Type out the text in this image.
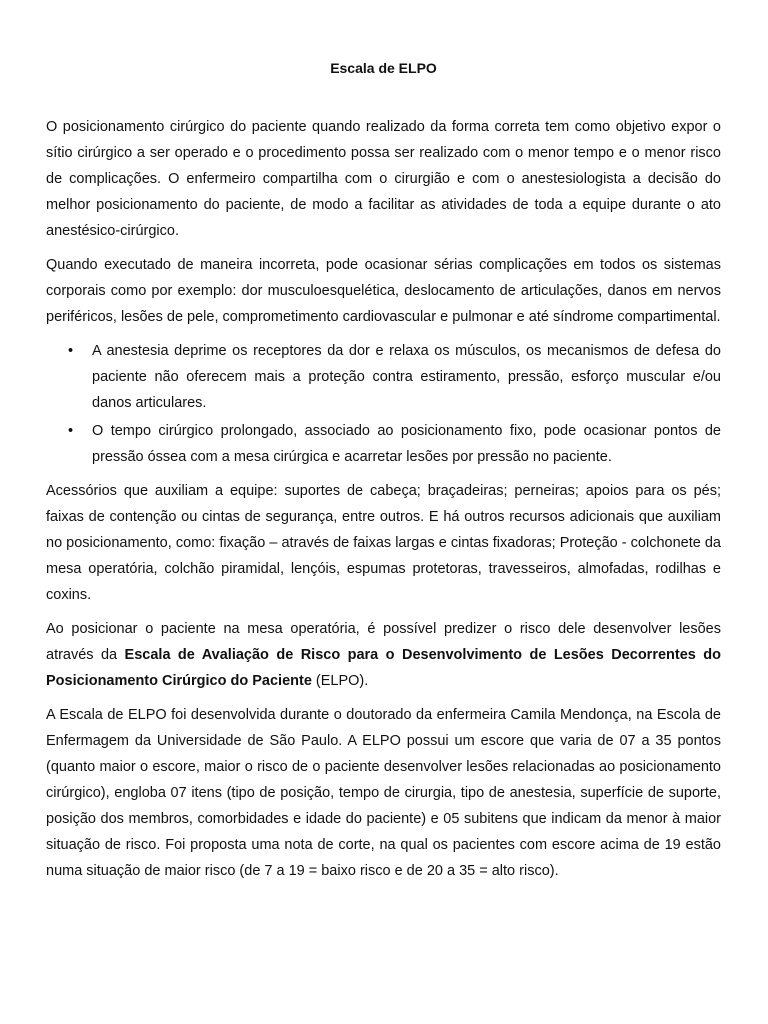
Escala de ELPO

O posicionamento cirúrgico do paciente quando realizado da forma correta tem como objetivo expor o sítio cirúrgico a ser operado e o procedimento possa ser realizado com o menor tempo e o menor risco de complicações. O enfermeiro compartilha com o cirurgião e com o anestesiologista a decisão do melhor posicionamento do paciente, de modo a facilitar as atividades de toda a equipe durante o ato anestésico-cirúrgico.

Quando executado de maneira incorreta, pode ocasionar sérias complicações em todos os sistemas corporais como por exemplo: dor musculoesquelética, deslocamento de articulações, danos em nervos periféricos, lesões de pele, comprometimento cardiovascular e pulmonar e até síndrome compartimental.

• A anestesia deprime os receptores da dor e relaxa os músculos, os mecanismos de defesa do paciente não oferecem mais a proteção contra estiramento, pressão, esforço muscular e/ou danos articulares.
• O tempo cirúrgico prolongado, associado ao posicionamento fixo, pode ocasionar pontos de pressão óssea com a mesa cirúrgica e acarretar lesões por pressão no paciente.

Acessórios que auxiliam a equipe: suportes de cabeça; braçadeiras; perneiras; apoios para os pés; faixas de contenção ou cintas de segurança, entre outros. E há outros recursos adicionais que auxiliam no posicionamento, como: fixação – através de faixas largas e cintas fixadoras; Proteção - colchonete da mesa operatória, colchão piramidal, lençóis, espumas protetoras, travesseiros, almofadas, rodilhas e coxins.

Ao posicionar o paciente na mesa operatória, é possível predizer o risco dele desenvolver lesões através da Escala de Avaliação de Risco para o Desenvolvimento de Lesões Decorrentes do Posicionamento Cirúrgico do Paciente (ELPO).

A Escala de ELPO foi desenvolvida durante o doutorado da enfermeira Camila Mendonça, na Escola de Enfermagem da Universidade de São Paulo. A ELPO possui um escore que varia de 07 a 35 pontos (quanto maior o escore, maior o risco de o paciente desenvolver lesões relacionadas ao posicionamento cirúrgico), engloba 07 itens (tipo de posição, tempo de cirurgia, tipo de anestesia, superfície de suporte, posição dos membros, comorbidades e idade do paciente) e 05 subitens que indicam da menor à maior situação de risco. Foi proposta uma nota de corte, na qual os pacientes com escore acima de 19 estão numa situação de maior risco (de 7 a 19 = baixo risco e de 20 a 35 = alto risco).
